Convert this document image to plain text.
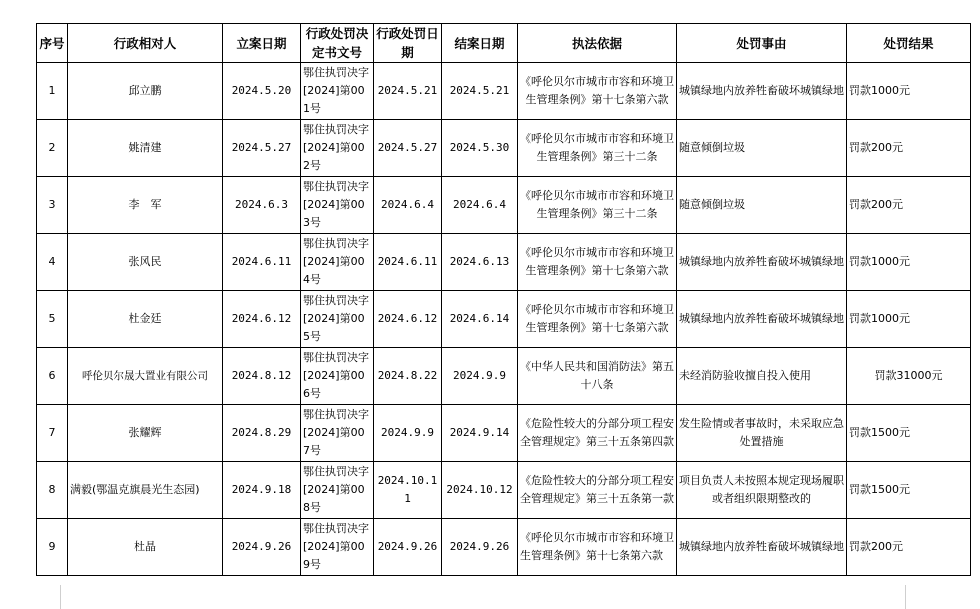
序号	行政相对人	立案日期	行政处罚决定书文号	行政处罚日期	结案日期	执法依据	处罚事由	处罚结果
1	邱立鹏	2024.5.20	鄂住执罚决字[2024]第001号	2024.5.21	2024.5.21	《呼伦贝尔市城市市容和环境卫生管理条例》第十七条第六款	城镇绿地内放养牲畜破坏城镇绿地	罚款1000元
2	姚清建	2024.5.27	鄂住执罚决字[2024]第002号	2024.5.27	2024.5.30	《呼伦贝尔市城市市容和环境卫生管理条例》第三十二条	随意倾倒垃圾	罚款200元
3	李　军	2024.6.3	鄂住执罚决字[2024]第003号	2024.6.4	2024.6.4	《呼伦贝尔市城市市容和环境卫生管理条例》第三十二条	随意倾倒垃圾	罚款200元
4	张风民	2024.6.11	鄂住执罚决字[2024]第004号	2024.6.11	2024.6.13	《呼伦贝尔市城市市容和环境卫生管理条例》第十七条第六款	城镇绿地内放养牲畜破坏城镇绿地	罚款1000元
5	杜金廷	2024.6.12	鄂住执罚决字[2024]第005号	2024.6.12	2024.6.14	《呼伦贝尔市城市市容和环境卫生管理条例》第十七条第六款	城镇绿地内放养牲畜破坏城镇绿地	罚款1000元
6	呼伦贝尔晟大置业有限公司	2024.8.12	鄂住执罚决字[2024]第006号	2024.8.22	2024.9.9	《中华人民共和国消防法》第五十八条	未经消防验收擅自投入使用	罚款31000元
7	张耀辉	2024.8.29	鄂住执罚决字[2024]第007号	2024.9.9	2024.9.14	《危险性较大的分部分项工程安全管理规定》第三十五条第四款	发生险情或者事故时，未采取应急处置措施	罚款1500元
8	满毅(鄂温克旗晨光生态园)	2024.9.18	鄂住执罚决字[2024]第008号	2024.10.11	2024.10.12	《危险性较大的分部分项工程安全管理规定》第三十五条第一款	项目负责人未按照本规定现场履职或者组织限期整改的	罚款1500元
9	杜晶	2024.9.26	鄂住执罚决字[2024]第009号	2024.9.26	2024.9.26	《呼伦贝尔市城市市容和环境卫生管理条例》第十七条第六款	城镇绿地内放养牲畜破坏城镇绿地	罚款200元
